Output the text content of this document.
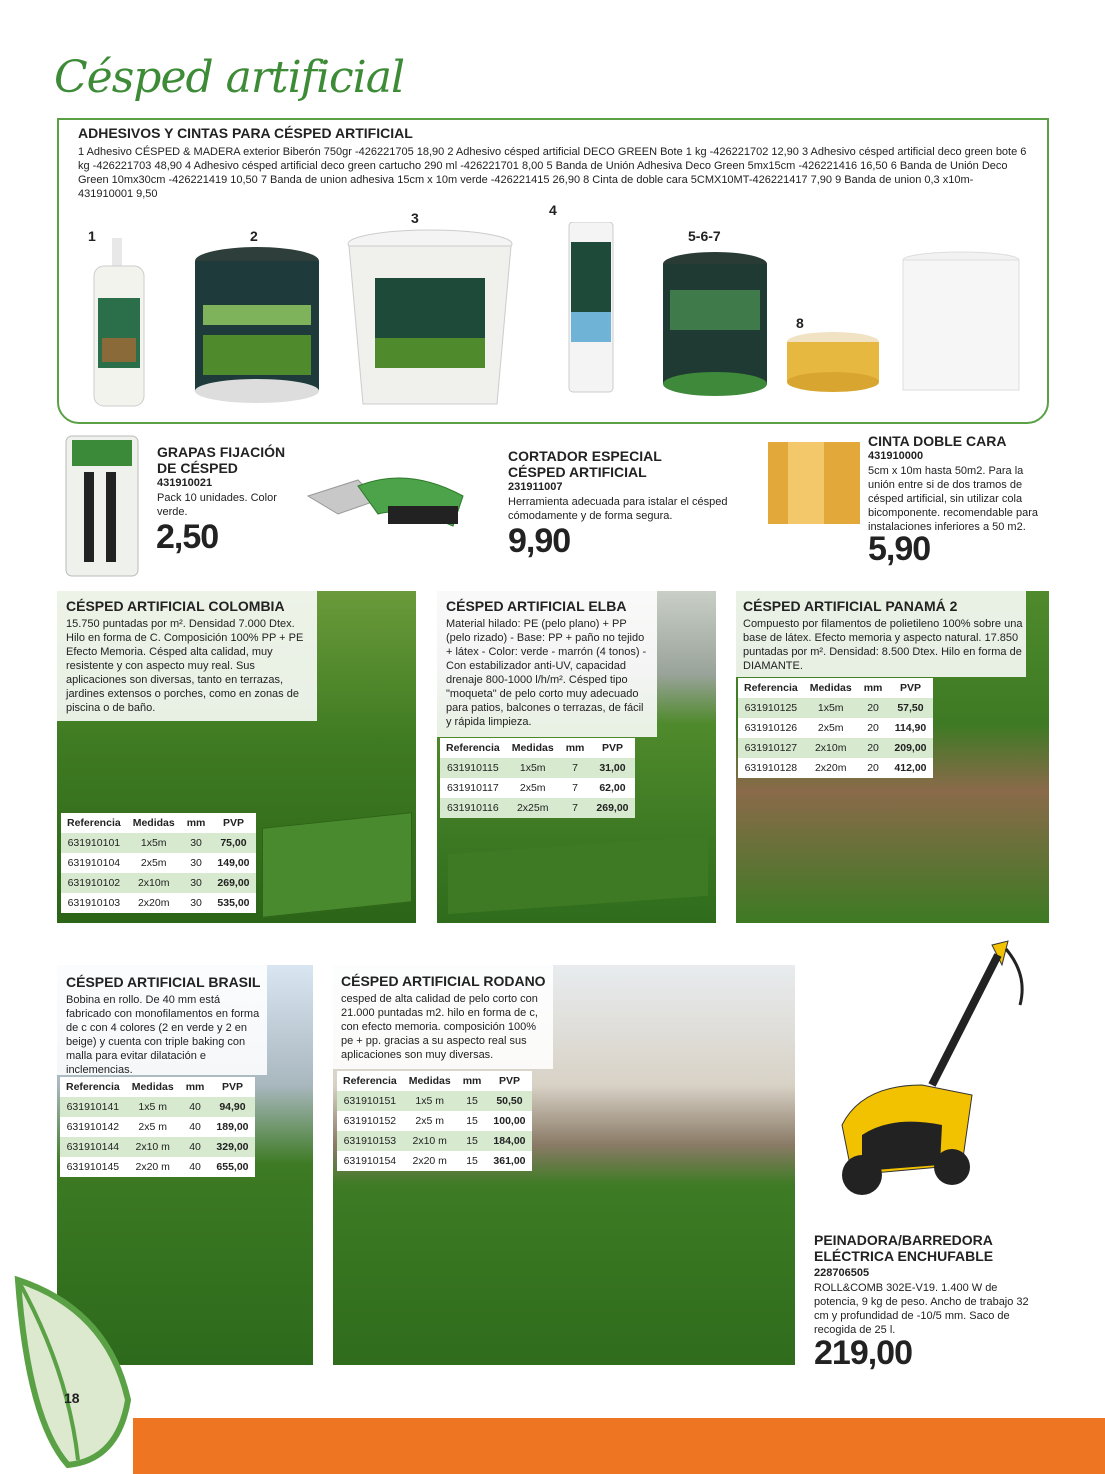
Césped artificial
ADHESIVOS Y CINTAS PARA CÉSPED ARTIFICIAL
1 Adhesivo CÉSPED & MADERA exterior Biberón 750gr -426221705 18,90 2 Adhesivo césped artificial DECO GREEN Bote 1 kg -426221702 12,90 3 Adhesivo césped artificial deco green bote 6 kg -426221703 48,90 4 Adhesivo césped artificial deco green cartucho 290 ml -426221701 8,00 5 Banda de Unión Adhesiva Deco Green 5mx15cm -426221416 16,50 6 Banda de Unión Deco Green 10mx30cm -426221419 10,50 7 Banda de union adhesiva 15cm x 10m verde -426221415 26,90 8 Cinta de doble cara 5CMX10MT-426221417 7,90 9 Banda de union 0,3 x10m-431910001 9,50
1	2
3	4
5-6-7
8
GRAPAS FIJACIÓN DE CÉSPED
431910021
Pack 10 unidades. Color verde.
2,50
CORTADOR ESPECIAL CÉSPED ARTIFICIAL
231911007
Herramienta adecuada para istalar el césped cómodamente y de forma segura.
9,90
CINTA DOBLE CARA
431910000
5cm x 10m hasta 50m2. Para la unión entre si de dos tramos de césped artificial, sin utilizar cola bicomponente. recomendable para instalaciones inferiores a 50 m2.
5,90
CÉSPED ARTIFICIAL COLOMBIA
15.750 puntadas por m². Densidad 7.000 Dtex. Hilo en forma de C. Composición 100% PP + PE Efecto Memoria. Césped alta calidad, muy resistente y con aspecto muy real. Sus aplicaciones son diversas, tanto en terrazas, jardines extensos o porches, como en zonas de piscina o de baño.
Referencia	Medidas	mm	PVP
631910101	1x5m	30	75,00
631910104	2x5m	30	149,00
631910102	2x10m	30	269,00
631910103	2x20m	30	535,00
CÉSPED ARTIFICIAL ELBA
Material hilado: PE (pelo plano) + PP (pelo rizado) - Base: PP + paño no tejido + látex - Color: verde - marrón (4 tonos) - Con estabilizador anti-UV, capacidad drenaje 800-1000 l/h/m². Césped tipo "moqueta" de pelo corto muy adecuado para patios, balcones o terrazas, de fácil y rápida limpieza.
Referencia	Medidas	mm	PVP
631910115	1x5m	7	31,00
631910117	2x5m	7	62,00
631910116	2x25m	7	269,00
CÉSPED ARTIFICIAL PANAMÁ 2
Compuesto por filamentos de polietileno 100% sobre una base de látex. Efecto memoria y aspecto natural. 17.850 puntadas por m². Densidad: 8.500 Dtex. Hilo en forma de DIAMANTE.
Referencia	Medidas	mm	PVP
631910125	1x5m	20	57,50
631910126	2x5m	20	114,90
631910127	2x10m	20	209,00
631910128	2x20m	20	412,00
CÉSPED ARTIFICIAL BRASIL
Bobina en rollo. De 40 mm está fabricado con monofilamentos en forma de c con 4 colores (2 en verde y 2 en beige) y cuenta con triple baking con malla para evitar dilatación e inclemencias.
Referencia	Medidas	mm	PVP
631910141	1x5 m	40	94,90
631910142	2x5 m	40	189,00
631910144	2x10 m	40	329,00
631910145	2x20 m	40	655,00
CÉSPED ARTIFICIAL RODANO
cesped de alta calidad de pelo corto con 21.000 puntadas m2. hilo en forma de c, con efecto memoria. composición 100% pe + pp. gracias a su aspecto real sus aplicaciones son muy diversas.
Referencia	Medidas	mm	PVP
631910151	1x5 m	15	50,50
631910152	2x5 m	15	100,00
631910153	2x10 m	15	184,00
631910154	2x20 m	15	361,00
PEINADORA/BARREDORA ELÉCTRICA ENCHUFABLE
228706505
ROLL&COMB 302E-V19. 1.400 W de potencia, 9 kg de peso. Ancho de trabajo 32 cm y profundidad de -10/5 mm. Saco de recogida de 25 l.
219,00
18
